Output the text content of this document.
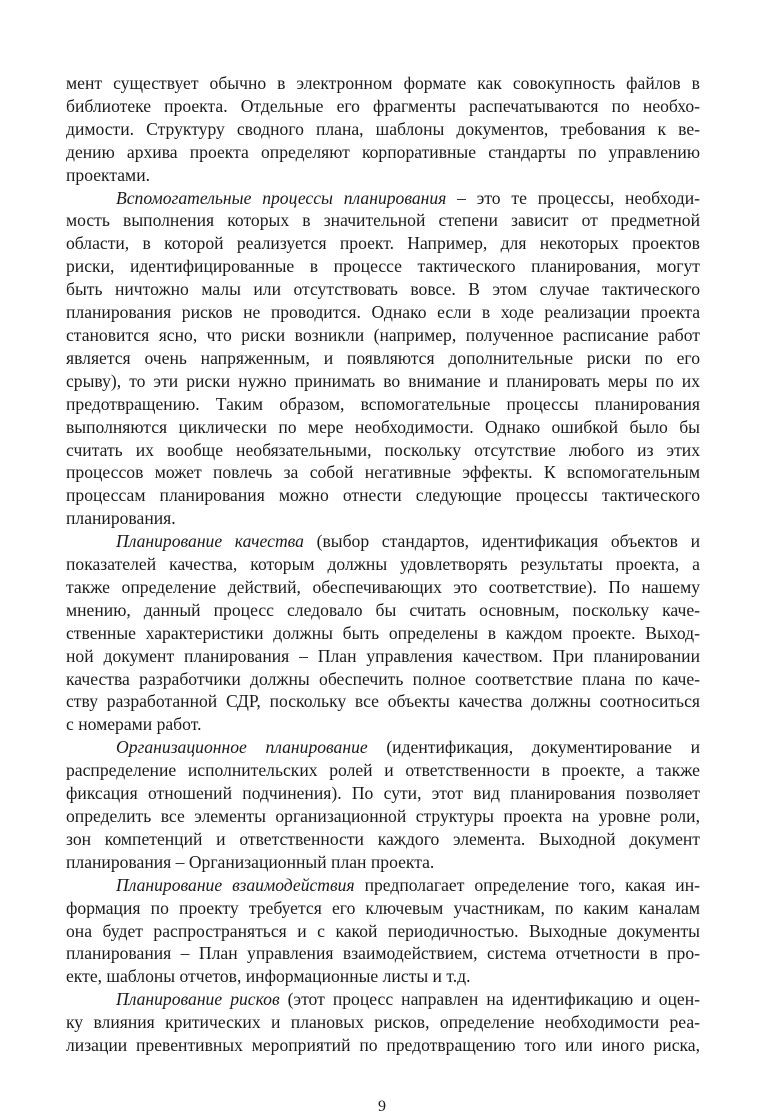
мент существует обычно в электронном формате как совокупность файлов в
библиотеке проекта. Отдельные его фрагменты распечатываются по необхо-
димости. Структуру сводного плана, шаблоны документов, требования к ве-
дению архива проекта определяют корпоративные стандарты по управлению
проектами.
Вспомогательные процессы планирования – это те процессы, необходи-
мость выполнения которых в значительной степени зависит от предметной
области, в которой реализуется проект. Например, для некоторых проектов
риски, идентифицированные в процессе тактического планирования, могут
быть ничтожно малы или отсутствовать вовсе. В этом случае тактического
планирования рисков не проводится. Однако если в ходе реализации проекта
становится ясно, что риски возникли (например, полученное расписание работ
является очень напряженным, и появляются дополнительные риски по его
срыву), то эти риски нужно принимать во внимание и планировать меры по их
предотвращению. Таким образом, вспомогательные процессы планирования
выполняются циклически по мере необходимости. Однако ошибкой было бы
считать их вообще необязательными, поскольку отсутствие любого из этих
процессов может повлечь за собой негативные эффекты. К вспомогательным
процессам планирования можно отнести следующие процессы тактического
планирования.
Планирование качества (выбор стандартов, идентификация объектов и
показателей качества, которым должны удовлетворять результаты проекта, а
также определение действий, обеспечивающих это соответствие). По нашему
мнению, данный процесс следовало бы считать основным, поскольку каче-
ственные характеристики должны быть определены в каждом проекте. Выход-
ной документ планирования – План управления качеством. При планировании
качества разработчики должны обеспечить полное соответствие плана по каче-
ству разработанной СДР, поскольку все объекты качества должны соотноситься
с номерами работ.
Организационное планирование (идентификация, документирование и
распределение исполнительских ролей и ответственности в проекте, а также
фиксация отношений подчинения). По сути, этот вид планирования позволяет
определить все элементы организационной структуры проекта на уровне роли,
зон компетенций и ответственности каждого элемента. Выходной документ
планирования – Организационный план проекта.
Планирование взаимодействия предполагает определение того, какая ин-
формация по проекту требуется его ключевым участникам, по каким каналам
она будет распространяться и с какой периодичностью. Выходные документы
планирования – План управления взаимодействием, система отчетности в про-
екте, шаблоны отчетов, информационные листы и т.д.
Планирование рисков (этот процесс направлен на идентификацию и оцен-
ку влияния критических и плановых рисков, определение необходимости реа-
лизации превентивных мероприятий по предотвращению того или иного риска,
9
